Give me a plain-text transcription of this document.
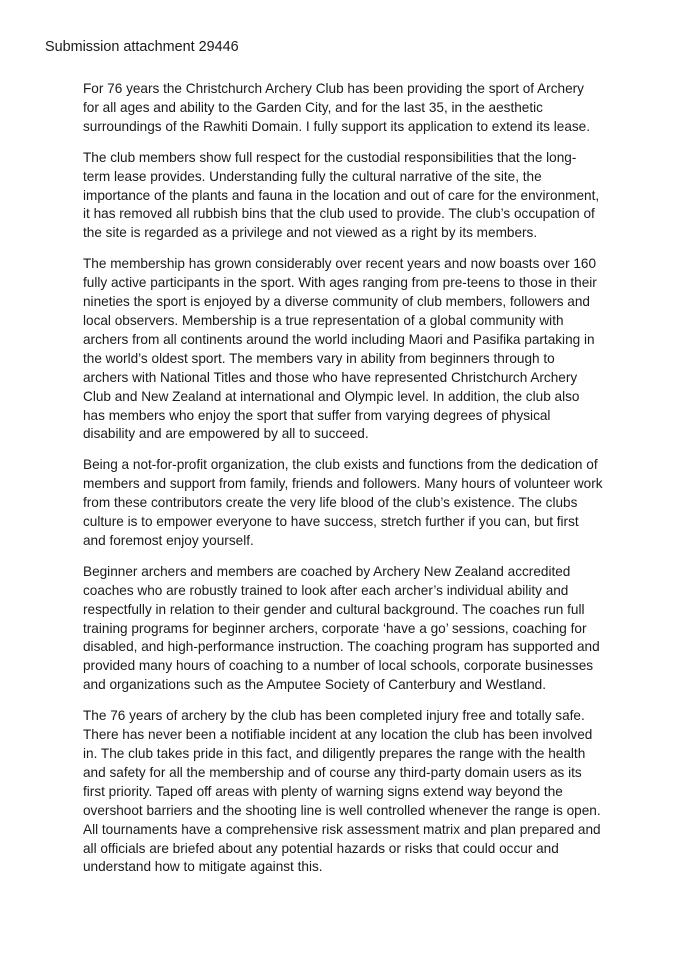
Submission attachment 29446

For 76 years the Christchurch Archery Club has been providing the sport of Archery for all ages and ability to the Garden City, and for the last 35, in the aesthetic surroundings of the Rawhiti Domain. I fully support its application to extend its lease.

The club members show full respect for the custodial responsibilities that the long-term lease provides. Understanding fully the cultural narrative of the site, the importance of the plants and fauna in the location and out of care for the environment, it has removed all rubbish bins that the club used to provide. The club’s occupation of the site is regarded as a privilege and not viewed as a right by its members.

The membership has grown considerably over recent years and now boasts over 160 fully active participants in the sport. With ages ranging from pre-teens to those in their nineties the sport is enjoyed by a diverse community of club members, followers and local observers. Membership is a true representation of a global community with archers from all continents around the world including Maori and Pasifika partaking in the world’s oldest sport. The members vary in ability from beginners through to archers with National Titles and those who have represented Christchurch Archery Club and New Zealand at international and Olympic level. In addition, the club also has members who enjoy the sport that suffer from varying degrees of physical disability and are empowered by all to succeed.

Being a not-for-profit organization, the club exists and functions from the dedication of members and support from family, friends and followers. Many hours of volunteer work from these contributors create the very life blood of the club’s existence. The clubs culture is to empower everyone to have success, stretch further if you can, but first and foremost enjoy yourself.

Beginner archers and members are coached by Archery New Zealand accredited coaches who are robustly trained to look after each archer’s individual ability and respectfully in relation to their gender and cultural background. The coaches run full training programs for beginner archers, corporate ‘have a go’ sessions, coaching for disabled, and high-performance instruction. The coaching program has supported and provided many hours of coaching to a number of local schools, corporate businesses and organizations such as the Amputee Society of Canterbury and Westland.

The 76 years of archery by the club has been completed injury free and totally safe. There has never been a notifiable incident at any location the club has been involved in. The club takes pride in this fact, and diligently prepares the range with the health and safety for all the membership and of course any third-party domain users as its first priority. Taped off areas with plenty of warning signs extend way beyond the overshoot barriers and the shooting line is well controlled whenever the range is open. All tournaments have a comprehensive risk assessment matrix and plan prepared and all officials are briefed about any potential hazards or risks that could occur and understand how to mitigate against this.
